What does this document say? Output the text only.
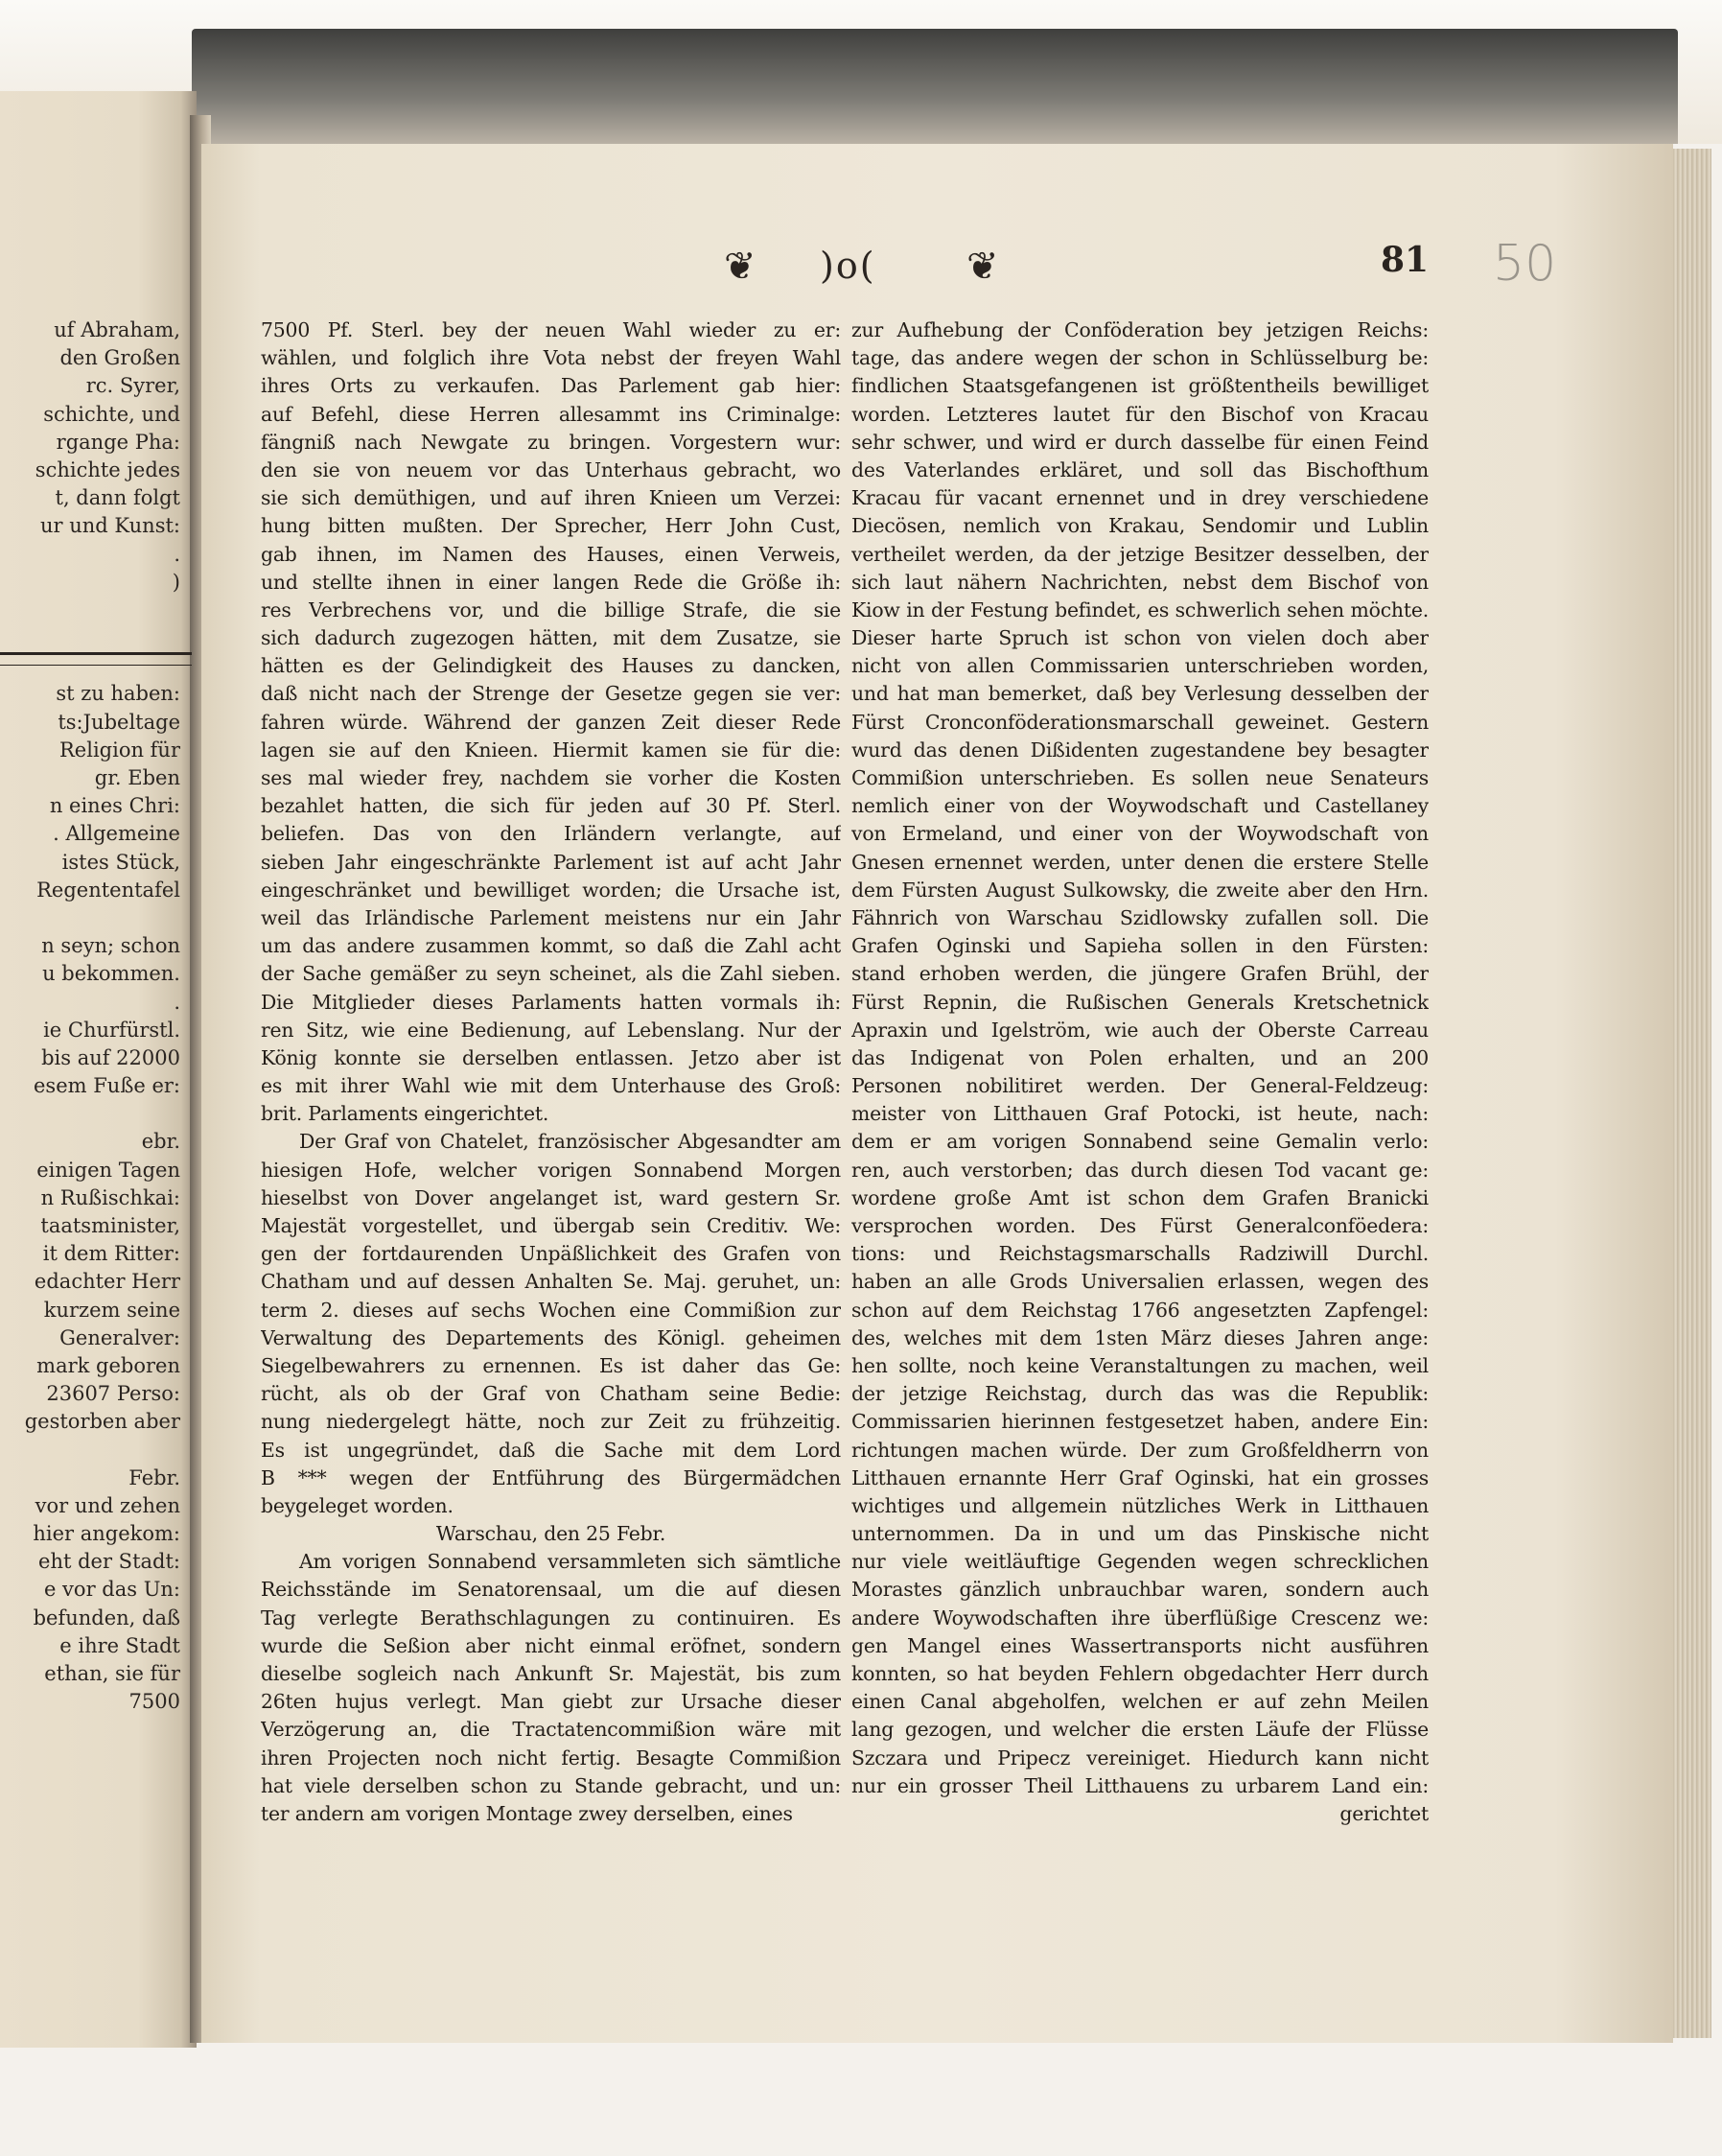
uf Abraham,
den Großen
rc. Syrer,
schichte, und
rgange Pha:
schichte jedes
t, dann folgt
ur und Kunst:
.
)
st zu haben:
ts:Jubeltage
Religion für
gr. Eben
n eines Chri:
. Allgemeine
istes Stück,
Regententafel
n seyn; schon
u bekommen.
.
ie Churfürstl.
bis auf 22000
esem Fuße er:
ebr.
einigen Tagen
n Rußischkai:
taatsminister,
it dem Ritter:
edachter Herr
kurzem seine
Generalver:
mark geboren
23607 Perso:
gestorben aber
Febr.
vor und zehen
hier angekom:
eht der Stadt:
e vor das Un:
befunden, daß
e ihre Stadt
ethan, sie für
7500
❦ )o( ❦	81 50
7500 Pf. Sterl. bey der neuen Wahl wieder zu er:
wählen, und folglich ihre Vota nebst der freyen Wahl
ihres Orts zu verkaufen. Das Parlement gab hier:
auf Befehl, diese Herren allesammt ins Criminalge:
fängniß nach Newgate zu bringen. Vorgestern wur:
den sie von neuem vor das Unterhaus gebracht, wo
sie sich demüthigen, und auf ihren Knieen um Verzei:
hung bitten mußten. Der Sprecher, Herr John Cust,
gab ihnen, im Namen des Hauses, einen Verweis,
und stellte ihnen in einer langen Rede die Größe ih:
res Verbrechens vor, und die billige Strafe, die sie
sich dadurch zugezogen hätten, mit dem Zusatze, sie
hätten es der Gelindigkeit des Hauses zu dancken,
daß nicht nach der Strenge der Gesetze gegen sie ver:
fahren würde. Während der ganzen Zeit dieser Rede
lagen sie auf den Knieen. Hiermit kamen sie für die:
ses mal wieder frey, nachdem sie vorher die Kosten
bezahlet hatten, die sich für jeden auf 30 Pf. Sterl.
beliefen. Das von den Irländern verlangte, auf
sieben Jahr eingeschränkte Parlement ist auf acht Jahr
eingeschränket und bewilliget worden; die Ursache ist,
weil das Irländische Parlement meistens nur ein Jahr
um das andere zusammen kommt, so daß die Zahl acht
der Sache gemäßer zu seyn scheinet, als die Zahl sieben.
Die Mitglieder dieses Parlaments hatten vormals ih:
ren Sitz, wie eine Bedienung, auf Lebenslang. Nur der
König konnte sie derselben entlassen. Jetzo aber ist
es mit ihrer Wahl wie mit dem Unterhause des Groß:
brit. Parlaments eingerichtet.
Der Graf von Chatelet, französischer Abgesandter am
hiesigen Hofe, welcher vorigen Sonnabend Morgen
hieselbst von Dover angelanget ist, ward gestern Sr.
Majestät vorgestellet, und übergab sein Creditiv. We:
gen der fortdaurenden Unpäßlichkeit des Grafen von
Chatham und auf dessen Anhalten Se. Maj. geruhet, un:
term 2. dieses auf sechs Wochen eine Commißion zur
Verwaltung des Departements des Königl. geheimen
Siegelbewahrers zu ernennen. Es ist daher das Ge:
rücht, als ob der Graf von Chatham seine Bedie:
nung niedergelegt hätte, noch zur Zeit zu frühzeitig.
Es ist ungegründet, daß die Sache mit dem Lord
B *** wegen der Entführung des Bürgermädchen
beygeleget worden.
Warschau, den 25 Febr.
Am vorigen Sonnabend versammleten sich sämtliche
Reichsstände im Senatorensaal, um die auf diesen
Tag verlegte Berathschlagungen zu continuiren. Es
wurde die Seßion aber nicht einmal eröfnet, sondern
dieselbe sogleich nach Ankunft Sr. Majestät, bis zum
26ten hujus verlegt. Man giebt zur Ursache dieser
Verzögerung an, die Tractatencommißion wäre mit
ihren Projecten noch nicht fertig. Besagte Commißion
hat viele derselben schon zu Stande gebracht, und un:
ter andern am vorigen Montage zwey derselben, eines
zur Aufhebung der Conföderation bey jetzigen Reichs:
tage, das andere wegen der schon in Schlüsselburg be:
findlichen Staatsgefangenen ist größtentheils bewilliget
worden. Letzteres lautet für den Bischof von Kracau
sehr schwer, und wird er durch dasselbe für einen Feind
des Vaterlandes erkläret, und soll das Bischofthum
Kracau für vacant ernennet und in drey verschiedene
Diecösen, nemlich von Krakau, Sendomir und Lublin
vertheilet werden, da der jetzige Besitzer desselben, der
sich laut nähern Nachrichten, nebst dem Bischof von
Kiow in der Festung befindet, es schwerlich sehen möchte.
Dieser harte Spruch ist schon von vielen doch aber
nicht von allen Commissarien unterschrieben worden,
und hat man bemerket, daß bey Verlesung desselben der
Fürst Cronconföderationsmarschall geweinet. Gestern
wurd das denen Dißidenten zugestandene bey besagter
Commißion unterschrieben. Es sollen neue Senateurs
nemlich einer von der Woywodschaft und Castellaney
von Ermeland, und einer von der Woywodschaft von
Gnesen ernennet werden, unter denen die erstere Stelle
dem Fürsten August Sulkowsky, die zweite aber den Hrn.
Fähnrich von Warschau Szidlowsky zufallen soll. Die
Grafen Oginski und Sapieha sollen in den Fürsten:
stand erhoben werden, die jüngere Grafen Brühl, der
Fürst Repnin, die Rußischen Generals Kretschetnick
Apraxin und Igelström, wie auch der Oberste Carreau
das Indigenat von Polen erhalten, und an 200
Personen nobilitiret werden. Der General-Feldzeug:
meister von Litthauen Graf Potocki, ist heute, nach:
dem er am vorigen Sonnabend seine Gemalin verlo:
ren, auch verstorben; das durch diesen Tod vacant ge:
wordene große Amt ist schon dem Grafen Branicki
versprochen worden. Des Fürst Generalconföedera:
tions: und Reichstagsmarschalls Radziwill Durchl.
haben an alle Grods Universalien erlassen, wegen des
schon auf dem Reichstag 1766 angesetzten Zapfengel:
des, welches mit dem 1sten März dieses Jahren ange:
hen sollte, noch keine Veranstaltungen zu machen, weil
der jetzige Reichstag, durch das was die Republik:
Commissarien hierinnen festgesetzet haben, andere Ein:
richtungen machen würde. Der zum Großfeldherrn von
Litthauen ernannte Herr Graf Oginski, hat ein grosses
wichtiges und allgemein nützliches Werk in Litthauen
unternommen. Da in und um das Pinskische nicht
nur viele weitläuftige Gegenden wegen schrecklichen
Morastes gänzlich unbrauchbar waren, sondern auch
andere Woywodschaften ihre überflüßige Crescenz we:
gen Mangel eines Wassertransports nicht ausführen
konnten, so hat beyden Fehlern obgedachter Herr durch
einen Canal abgeholfen, welchen er auf zehn Meilen
lang gezogen, und welcher die ersten Läufe der Flüsse
Szczara und Pripecz vereiniget. Hiedurch kann nicht
nur ein grosser Theil Litthauens zu urbarem Land ein:
gerichtet
